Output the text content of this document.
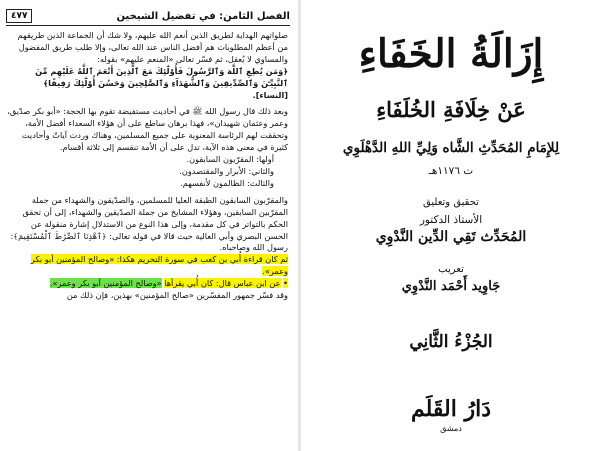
الفصل الثامن: في تفضيل الشيخين
٤٧٧

صلواتهم الهداية لطريق الذين أنعم الله عليهم، ولا شك أن الجماعة الذين طريقهم من أعظم المطلوبات هم أفضل الناس عند الله تعالى، وإلا طلب طريق المفضول والمساوي لا يُعقل، ثم فسّر تعالى «المنعم عليهم» بقوله:

﴿وَمَن يُطِعِ ٱللَّهَ وَٱلرَّسُولَ فَأُوْلَٰٓئِكَ مَعَ ٱلَّذِينَ أَنْعَمَ ٱللَّهُ عَلَيْهِم مِّنَ ٱلنَّبِيِّـۧنَ وَٱلصِّدِّيقِينَ وَٱلشُّهَدَآءِ وَٱلصَّٰلِحِينَ وَحَسُنَ أُوْلَٰٓئِكَ رَفِيقًا﴾ [النساء].

وبعد ذلك قال رسول الله ﷺ في أحاديث مستفيضة تقوم بها الحجة: «أبو بكر صدّيق، وعمر وعثمان شهيدان»، فهذا برهان ساطع على أن هؤلاء السعداء أفضل الأمة، وتحققت لهم الرئاسة المعنوية على جميع المسلمين، وهناك وردت آياتٌ وأحاديث كثيرة في معنى هذه الآية، تدل على أن الأمة تنقسم إلى ثلاثة أقسام.

أولها: المقرّبون السابقون.

والثاني: الأبرار والمقتصدون.

والثالث: الظالمون لأنفسهم.

والمقرّبون السابقون الطبقة العليا للمسلمين، والصدّيقون والشهداء من جملة المقرّبين السابقين، وهؤلاء المشايخ من جملة الصدّيقين والشهداء، إلى أن تحقق الحكم بالتواتر في كل مقدمة، وإلى هذا النوع من الاستدلال إشارة منقولة عن الحسن البصري وأبي العالية حيث قالا في قوله تعالى: ﴿ٱهْدِنَا ٱلصِّرَٰطَ ٱلْمُسْتَقِيمَ﴾: رسول الله وصاحباه.

ثم كان قراءة أُبي بن كعب في سورة التحريم هكذا: «وصالح المؤمنين أبو بكر وعمر».

• عن ابن عباس قال: كان أُبي يقرأها «وصالح المؤمنين أبو بكر وعمر».

وقد فسّر جمهور المفسّرين «صالح المؤمنين» بهذين، فإن ذلك من

إِزَالَةُ الخَفَاءِ
عَنْ خِلَافَةِ الخُلَفَاءِ
لِلإِمَامِ المُحَدِّثِ الشَّاه وَلِيِّ اللهِ الدَّهْلَوِي
ت ١١٧٦هـ
تحقيق وتعليق
الأستاذ الدكتور
المُحَدِّث تَقِي الدِّين النَّدْوِي
تعريب
جَاوِيد أَحْمَد النَّدْوِي
الجُزْءُ الثَّانِي
دَارُ القَلَم
دمشق
